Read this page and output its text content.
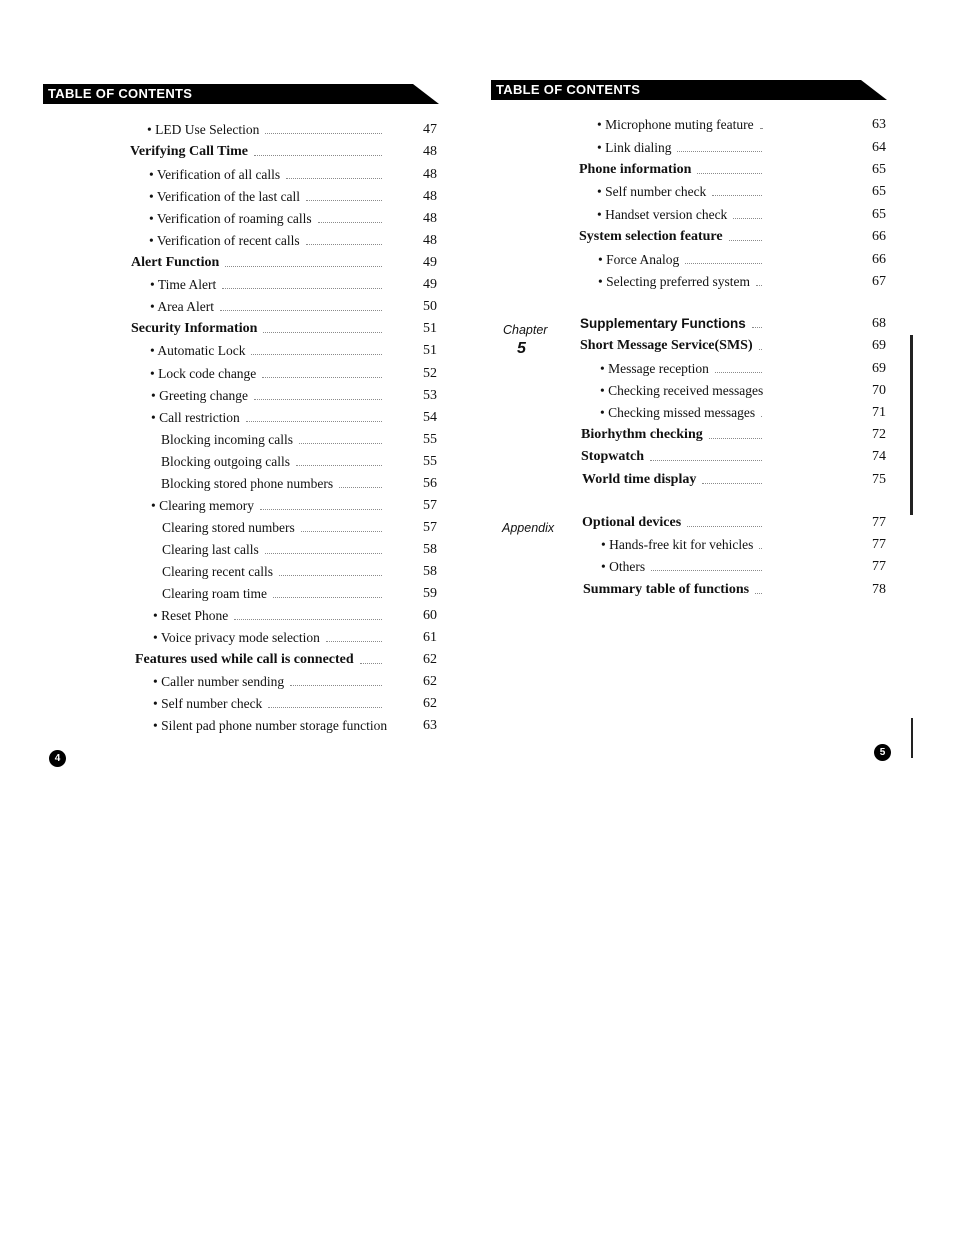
TABLE OF CONTENTS
• LED Use Selection	47
Verifying Call Time	48
• Verification of all calls	48
• Verification of the last call	48
• Verification of roaming calls	48
• Verification of recent calls	48
Alert Function	49
• Time Alert	49
• Area Alert	50
Security Information	51
• Automatic Lock	51
• Lock code change	52
• Greeting change	53
• Call restriction	54
Blocking incoming calls	55
Blocking outgoing calls	55
Blocking stored phone numbers	56
• Clearing memory	57
Clearing stored numbers	57
Clearing last calls	58
Clearing recent calls	58
Clearing roam time	59
• Reset Phone	60
• Voice privacy mode selection	61
Features used while call is connected	62
• Caller number sending	62
• Self number check	62
• Silent pad phone number storage function	63
4
TABLE OF CONTENTS
Chapter
5
Appendix
• Microphone muting feature	63
• Link dialing	64
Phone information	65
• Self number check	65
• Handset version check	65
System selection feature	66
• Force Analog	66
• Selecting preferred system	67
Supplementary Functions	68
Short Message Service(SMS)	69
• Message reception	69
• Checking received messages	70
• Checking missed messages	71
Biorhythm checking	72
Stopwatch	74
World time display	75
Optional devices	77
• Hands-free kit for vehicles	77
• Others	77
Summary table of functions	78
5
